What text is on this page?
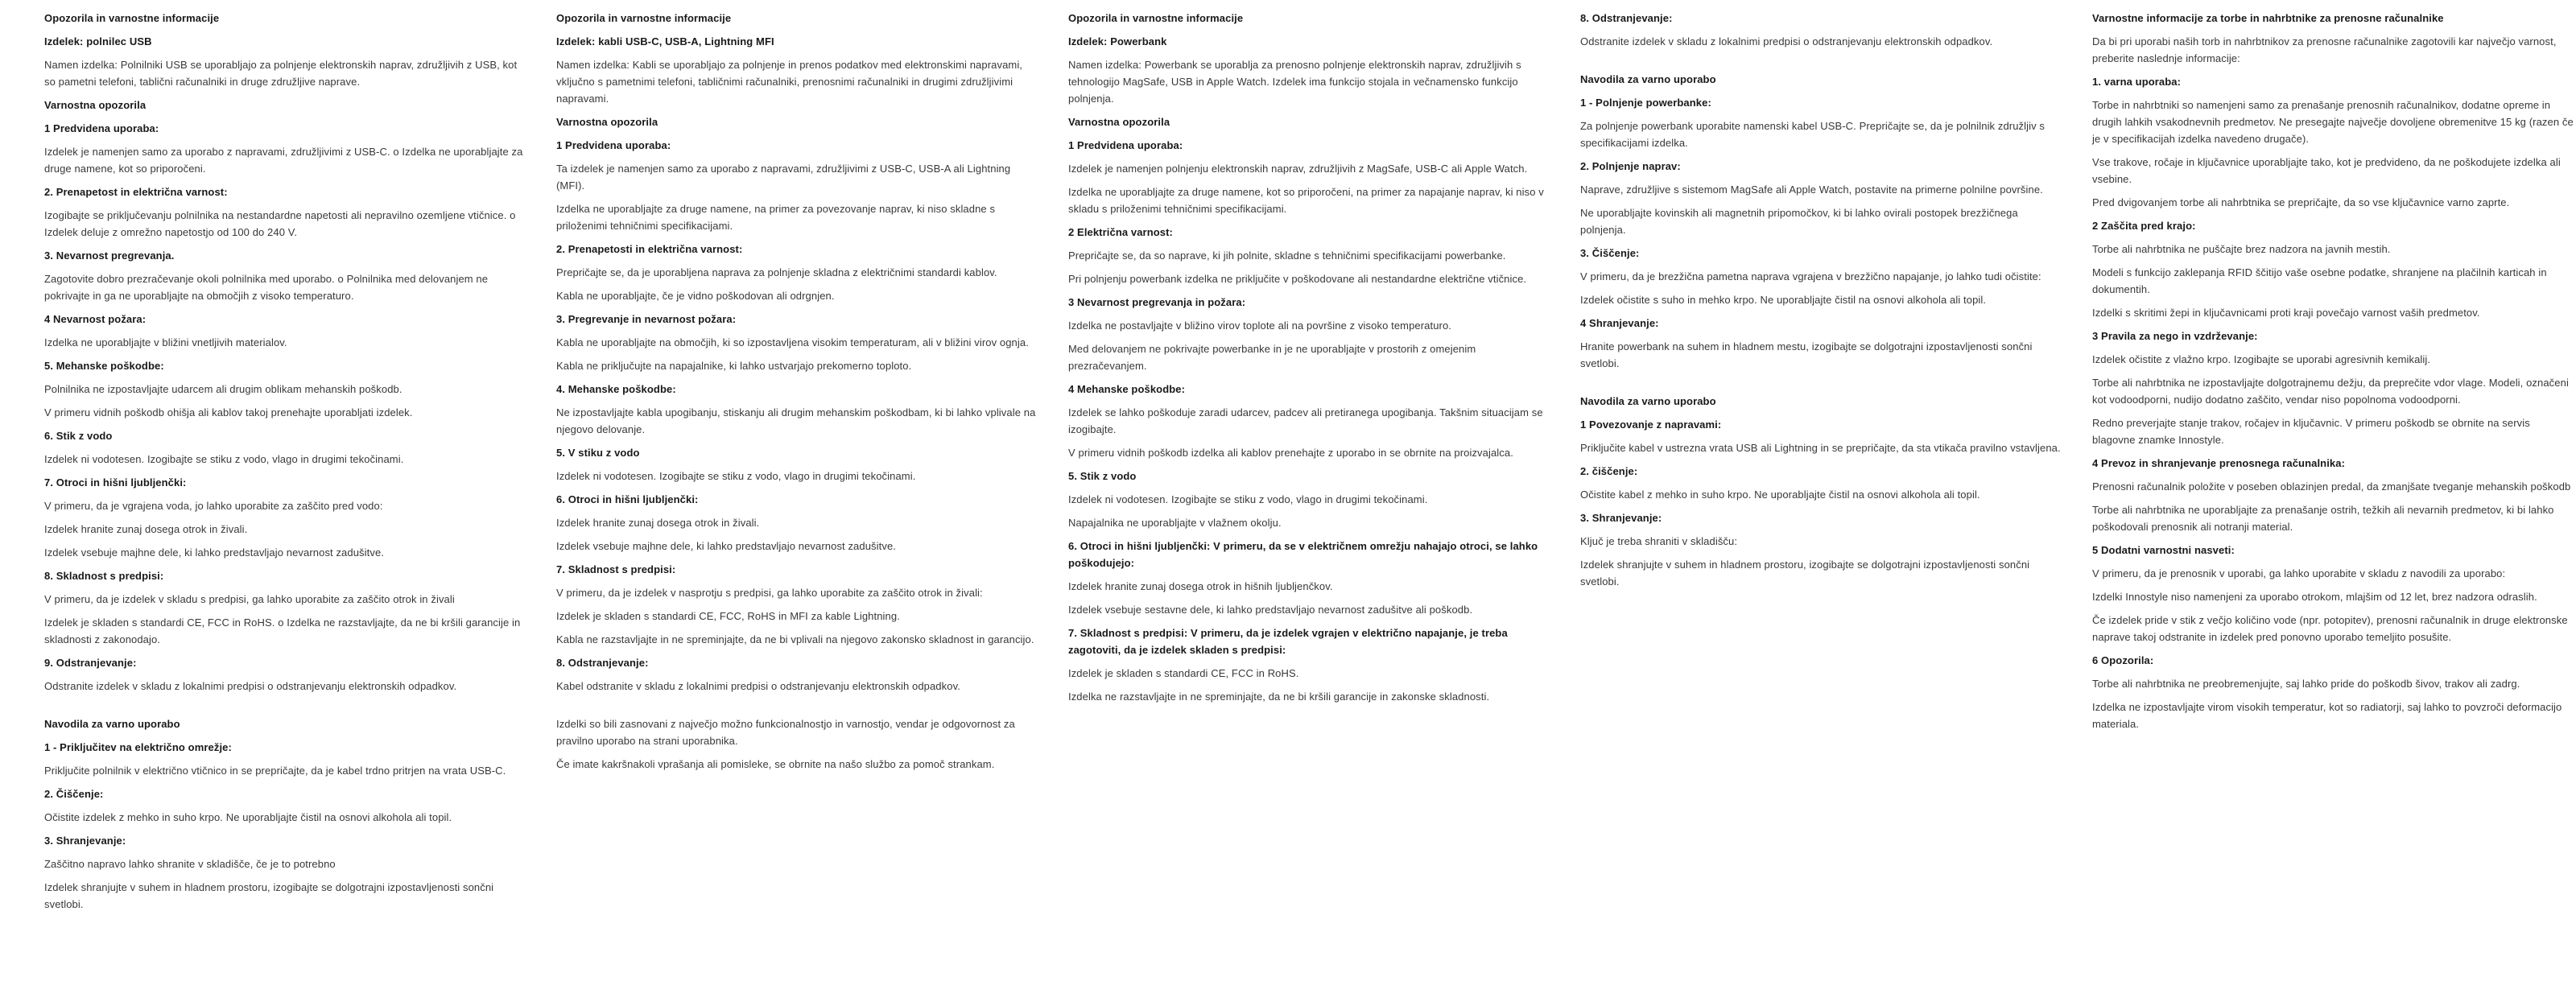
Opozorila in varnostne informacije
Izdelek: polnilec USB

Namen izdelka: Polnilniki USB se uporabljajo za polnjenje elektronskih naprav, združljivih z USB, kot so pametni telefoni, tablični računalniki in druge združljive naprave.

Varnostna opozorila
1 Predvidena uporaba:

Izdelek je namenjen samo za uporabo z napravami, združljivimi z USB-C. o Izdelka ne uporabljajte za druge namene, kot so priporočeni.

2. Prenapetost in električna varnost:

Izogibajte se priključevanju polnilnika na nestandardne napetosti ali nepravilno ozemljene vtičnice. o Izdelek deluje z omrežno napetostjo od 100 do 240 V.

3. Nevarnost pregrevanja.

Zagotovite dobro prezračevanje okoli polnilnika med uporabo. o Polnilnika med delovanjem ne pokrivajte in ga ne uporabljajte na območjih z visoko temperaturo.

4 Nevarnost požara:

Izdelka ne uporabljajte v bližini vnetljivih materialov.

5. Mehanske poškodbe:

Polnilnika ne izpostavljajte udarcem ali drugim oblikam mehanskih poškodb.

V primeru vidnih poškodb ohišja ali kablov takoj prenehajte uporabljati izdelek.

6. Stik z vodo

Izdelek ni vodotesen. Izogibajte se stiku z vodo, vlago in drugimi tekočinami.

7. Otroci in hišni ljubljenčki:

V primeru, da je vgrajena voda, jo lahko uporabite za zaščito pred vodo:

Izdelek hranite zunaj dosega otrok in živali.

Izdelek vsebuje majhne dele, ki lahko predstavljajo nevarnost zadušitve.

8. Skladnost s predpisi:

V primeru, da je izdelek v skladu s predpisi, ga lahko uporabite za zaščito otrok in živali

Izdelek je skladen s standardi CE, FCC in RoHS. o Izdelka ne razstavljajte, da ne bi kršili garancije in skladnosti z zakonodajo.

9. Odstranjevanje:

Odstranite izdelek v skladu z lokalnimi predpisi o odstranjevanju elektronskih odpadkov.

Navodila za varno uporabo
1 - Priključitev na električno omrežje:

Priključite polnilnik v električno vtičnico in se prepričajte, da je kabel trdno pritrjen na vrata USB-C.

2. Čiščenje:

Očistite izdelek z mehko in suho krpo. Ne uporabljajte čistil na osnovi alkohola ali topil.

3. Shranjevanje:

Zaščitno napravo lahko shranite v skladišče, če je to potrebno

Izdelek shranjujte v suhem in hladnem prostoru, izogibajte se dolgotrajni izpostavljenosti sončni svetlobi.

Opozorila in varnostne informacije
Izdelek: kabli USB-C, USB-A, Lightning MFI

Namen izdelka: Kabli se uporabljajo za polnjenje in prenos podatkov med elektronskimi napravami, vključno s pametnimi telefoni, tabličnimi računalniki, prenosnimi računalniki in drugimi združljivimi napravami.

Varnostna opozorila
1 Predvidena uporaba:

Ta izdelek je namenjen samo za uporabo z napravami, združljivimi z USB-C, USB-A ali Lightning (MFI).

Izdelka ne uporabljajte za druge namene, na primer za povezovanje naprav, ki niso skladne s priloženimi tehničnimi specifikacijami.

2. Prenapetosti in električna varnost:

Prepričajte se, da je uporabljena naprava za polnjenje skladna z električnimi standardi kablov.

Kabla ne uporabljajte, če je vidno poškodovan ali odrgnjen.

3. Pregrevanje in nevarnost požara:

Kabla ne uporabljajte na območjih, ki so izpostavljena visokim temperaturam, ali v bližini virov ognja.

Kabla ne priključujte na napajalnike, ki lahko ustvarjajo prekomerno toploto.

4. Mehanske poškodbe:

Ne izpostavljajte kabla upogibanju, stiskanju ali drugim mehanskim poškodbam, ki bi lahko vplivale na njegovo delovanje.

5. V stiku z vodo

Izdelek ni vodotesen. Izogibajte se stiku z vodo, vlago in drugimi tekočinami.

6. Otroci in hišni ljubljenčki:

Izdelek hranite zunaj dosega otrok in živali.

Izdelek vsebuje majhne dele, ki lahko predstavljajo nevarnost zadušitve.

7. Skladnost s predpisi:

V primeru, da je izdelek v nasprotju s predpisi, ga lahko uporabite za zaščito otrok in živali:

Izdelek je skladen s standardi CE, FCC, RoHS in MFI za kable Lightning.

Kabla ne razstavljajte in ne spreminjajte, da ne bi vplivali na njegovo zakonsko skladnost in garancijo.

8. Odstranjevanje:

Kabel odstranite v skladu z lokalnimi predpisi o odstranjevanju elektronskih odpadkov.

Izdelki so bili zasnovani z največjo možno funkcionalnostjo in varnostjo, vendar je odgovornost za pravilno uporabo na strani uporabnika.

Če imate kakršnakoli vprašanja ali pomisleke, se obrnite na našo službo za pomoč strankam.

Opozorila in varnostne informacije
Izdelek: Powerbank

Namen izdelka: Powerbank se uporablja za prenosno polnjenje elektronskih naprav, združljivih s tehnologijo MagSafe, USB in Apple Watch. Izdelek ima funkcijo stojala in večnamensko funkcijo polnjenja.

Varnostna opozorila
1 Predvidena uporaba:

Izdelek je namenjen polnjenju elektronskih naprav, združljivih z MagSafe, USB-C ali Apple Watch.

Izdelka ne uporabljajte za druge namene, kot so priporočeni, na primer za napajanje naprav, ki niso v skladu s priloženimi tehničnimi specifikacijami.

2 Električna varnost:

Prepričajte se, da so naprave, ki jih polnite, skladne s tehničnimi specifikacijami powerbanke.

Pri polnjenju powerbank izdelka ne priključite v poškodovane ali nestandardne električne vtičnice.

3 Nevarnost pregrevanja in požara:

Izdelka ne postavljajte v bližino virov toplote ali na površine z visoko temperaturo.

Med delovanjem ne pokrivajte powerbanke in je ne uporabljajte v prostorih z omejenim prezračevanjem.

4 Mehanske poškodbe:

Izdelek se lahko poškoduje zaradi udarcev, padcev ali pretiranega upogibanja. Takšnim situacijam se izogibajte.

V primeru vidnih poškodb izdelka ali kablov prenehajte z uporabo in se obrnite na proizvajalca.

5. Stik z vodo

Izdelek ni vodotesen. Izogibajte se stiku z vodo, vlago in drugimi tekočinami.

Napajalnika ne uporabljajte v vlažnem okolju.

6. Otroci in hišni ljubljenčki: V primeru, da se v električnem omrežju nahajajo otroci, se lahko poškodujejo:

Izdelek hranite zunaj dosega otrok in hišnih ljubljenčkov.

Izdelek vsebuje sestavne dele, ki lahko predstavljajo nevarnost zadušitve ali poškodb.

7. Skladnost s predpisi: V primeru, da je izdelek vgrajen v električno napajanje, je treba zagotoviti, da je izdelek skladen s predpisi:

Izdelek je skladen s standardi CE, FCC in RoHS.

Izdelka ne razstavljajte in ne spreminjajte, da ne bi kršili garancije in zakonske skladnosti.

8. Odstranjevanje:

Odstranite izdelek v skladu z lokalnimi predpisi o odstranjevanju elektronskih odpadkov.

Navodila za varno uporabo
1 - Polnjenje powerbanke:

Za polnjenje powerbank uporabite namenski kabel USB-C. Prepričajte se, da je polnilnik združljiv s specifikacijami izdelka.

2. Polnjenje naprav:

Naprave, združljive s sistemom MagSafe ali Apple Watch, postavite na primerne polnilne površine.

Ne uporabljajte kovinskih ali magnetnih pripomočkov, ki bi lahko ovirali postopek brezžičnega polnjenja.

3. Čiščenje:

V primeru, da je brezžična pametna naprava vgrajena v brezžično napajanje, jo lahko tudi očistite:

Izdelek očistite s suho in mehko krpo. Ne uporabljajte čistil na osnovi alkohola ali topil.

4 Shranjevanje:

Hranite powerbank na suhem in hladnem mestu, izogibajte se dolgotrajni izpostavljenosti sončni svetlobi.

Navodila za varno uporabo
1 Povezovanje z napravami:

Priključite kabel v ustrezna vrata USB ali Lightning in se prepričajte, da sta vtikača pravilno vstavljena.

2. čiščenje:

Očistite kabel z mehko in suho krpo. Ne uporabljajte čistil na osnovi alkohola ali topil.

3. Shranjevanje:

Ključ je treba shraniti v skladišču:

Izdelek shranjujte v suhem in hladnem prostoru, izogibajte se dolgotrajni izpostavljenosti sončni svetlobi.

Varnostne informacije za torbe in nahrbtnike za prenosne računalnike

Da bi pri uporabi naših torb in nahrbtnikov za prenosne računalnike zagotovili kar največjo varnost, preberite naslednje informacije:

1. varna uporaba:

Torbe in nahrbtniki so namenjeni samo za prenašanje prenosnih računalnikov, dodatne opreme in drugih lahkih vsakodnevnih predmetov. Ne presegajte največje dovoljene obremenitve 15 kg (razen če je v specifikacijah izdelka navedeno drugače).

Vse trakove, ročaje in ključavnice uporabljajte tako, kot je predvideno, da ne poškodujete izdelka ali vsebine.

Pred dvigovanjem torbe ali nahrbtnika se prepričajte, da so vse ključavnice varno zaprte.

2 Zaščita pred krajo:

Torbe ali nahrbtnika ne puščajte brez nadzora na javnih mestih.

Modeli s funkcijo zaklepanja RFID ščitijo vaše osebne podatke, shranjene na plačilnih karticah in dokumentih.

Izdelki s skritimi žepi in ključavnicami proti kraji povečajo varnost vaših predmetov.

3 Pravila za nego in vzdrževanje:

Izdelek očistite z vlažno krpo. Izogibajte se uporabi agresivnih kemikalij.

Torbe ali nahrbtnika ne izpostavljajte dolgotrajnemu dežju, da preprečite vdor vlage. Modeli, označeni kot vodoodporni, nudijo dodatno zaščito, vendar niso popolnoma vodoodporni.

Redno preverjajte stanje trakov, ročajev in ključavnic. V primeru poškodb se obrnite na servis blagovne znamke Innostyle.

4 Prevoz in shranjevanje prenosnega računalnika:

Prenosni računalnik položite v poseben oblazinjen predal, da zmanjšate tveganje mehanskih poškodb

Torbe ali nahrbtnika ne uporabljajte za prenašanje ostrih, težkih ali nevarnih predmetov, ki bi lahko poškodovali prenosnik ali notranji material.

5 Dodatni varnostni nasveti:

V primeru, da je prenosnik v uporabi, ga lahko uporabite v skladu z navodili za uporabo:

Izdelki Innostyle niso namenjeni za uporabo otrokom, mlajšim od 12 let, brez nadzora odraslih.

Če izdelek pride v stik z večjo količino vode (npr. potopitev), prenosni računalnik in druge elektronske naprave takoj odstranite in izdelek pred ponovno uporabo temeljito posušite.

6 Opozorila:

Torbe ali nahrbtnika ne preobremenjujte, saj lahko pride do poškodb šivov, trakov ali zadrg.

Izdelka ne izpostavljajte virom visokih temperatur, kot so radiatorji, saj lahko to povzroči deformacijo materiala.
